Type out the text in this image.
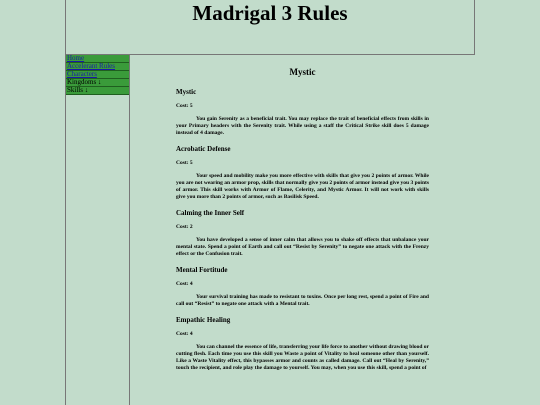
Madrigal 3 Rules
Home
Accelerant Rules
Characters
Kingdoms ↓
Skills ↓
Mystic
Mystic

Cost: 5

You gain Serenity as a beneficial trait. You may replace the trait of beneficial effects from skills in your Primary headers with the Serenity trait. While using a staff the Critical Strike skill does 5 damage instead of 4 damage.

Acrobatic Defense

Cost: 5

Your speed and mobility make you more effective with skills that give you 2 points of armor. While you are not wearing an armor prop, skills that normally give you 2 points of armor instead give you 3 points of armor. This skill works with Armor of Flame, Celerity, and Mystic Armor. It will not work with skills give you more than 2 points of armor, such as Basilisk Speed.

Calming the Inner Self

Cost: 2

You have developed a sense of inner calm that allows you to shake off effects that unbalance your mental state. Spend a point of Earth and call out “Resist by Serenity” to negate one attack with the Frenzy effect or the Confusion trait.

Mental Fortitude

Cost: 4

Your survival training has made to resistant to toxins. Once per long rest, spend a point of Fire and call out “Resist” to negate one attack with a Mental trait.

Empathic Healing

Cost: 4

You can channel the essence of life, transferring your life force to another without drawing blood or cutting flesh. Each time you use this skill you Waste a point of Vitality to heal someone other than yourself. Like a Waste Vitality effect, this bypasses armor and counts as called damage. Call out “Heal by Serenity,” touch the recipient, and role play the damage to yourself. You may, when you use this skill, spend a point of
